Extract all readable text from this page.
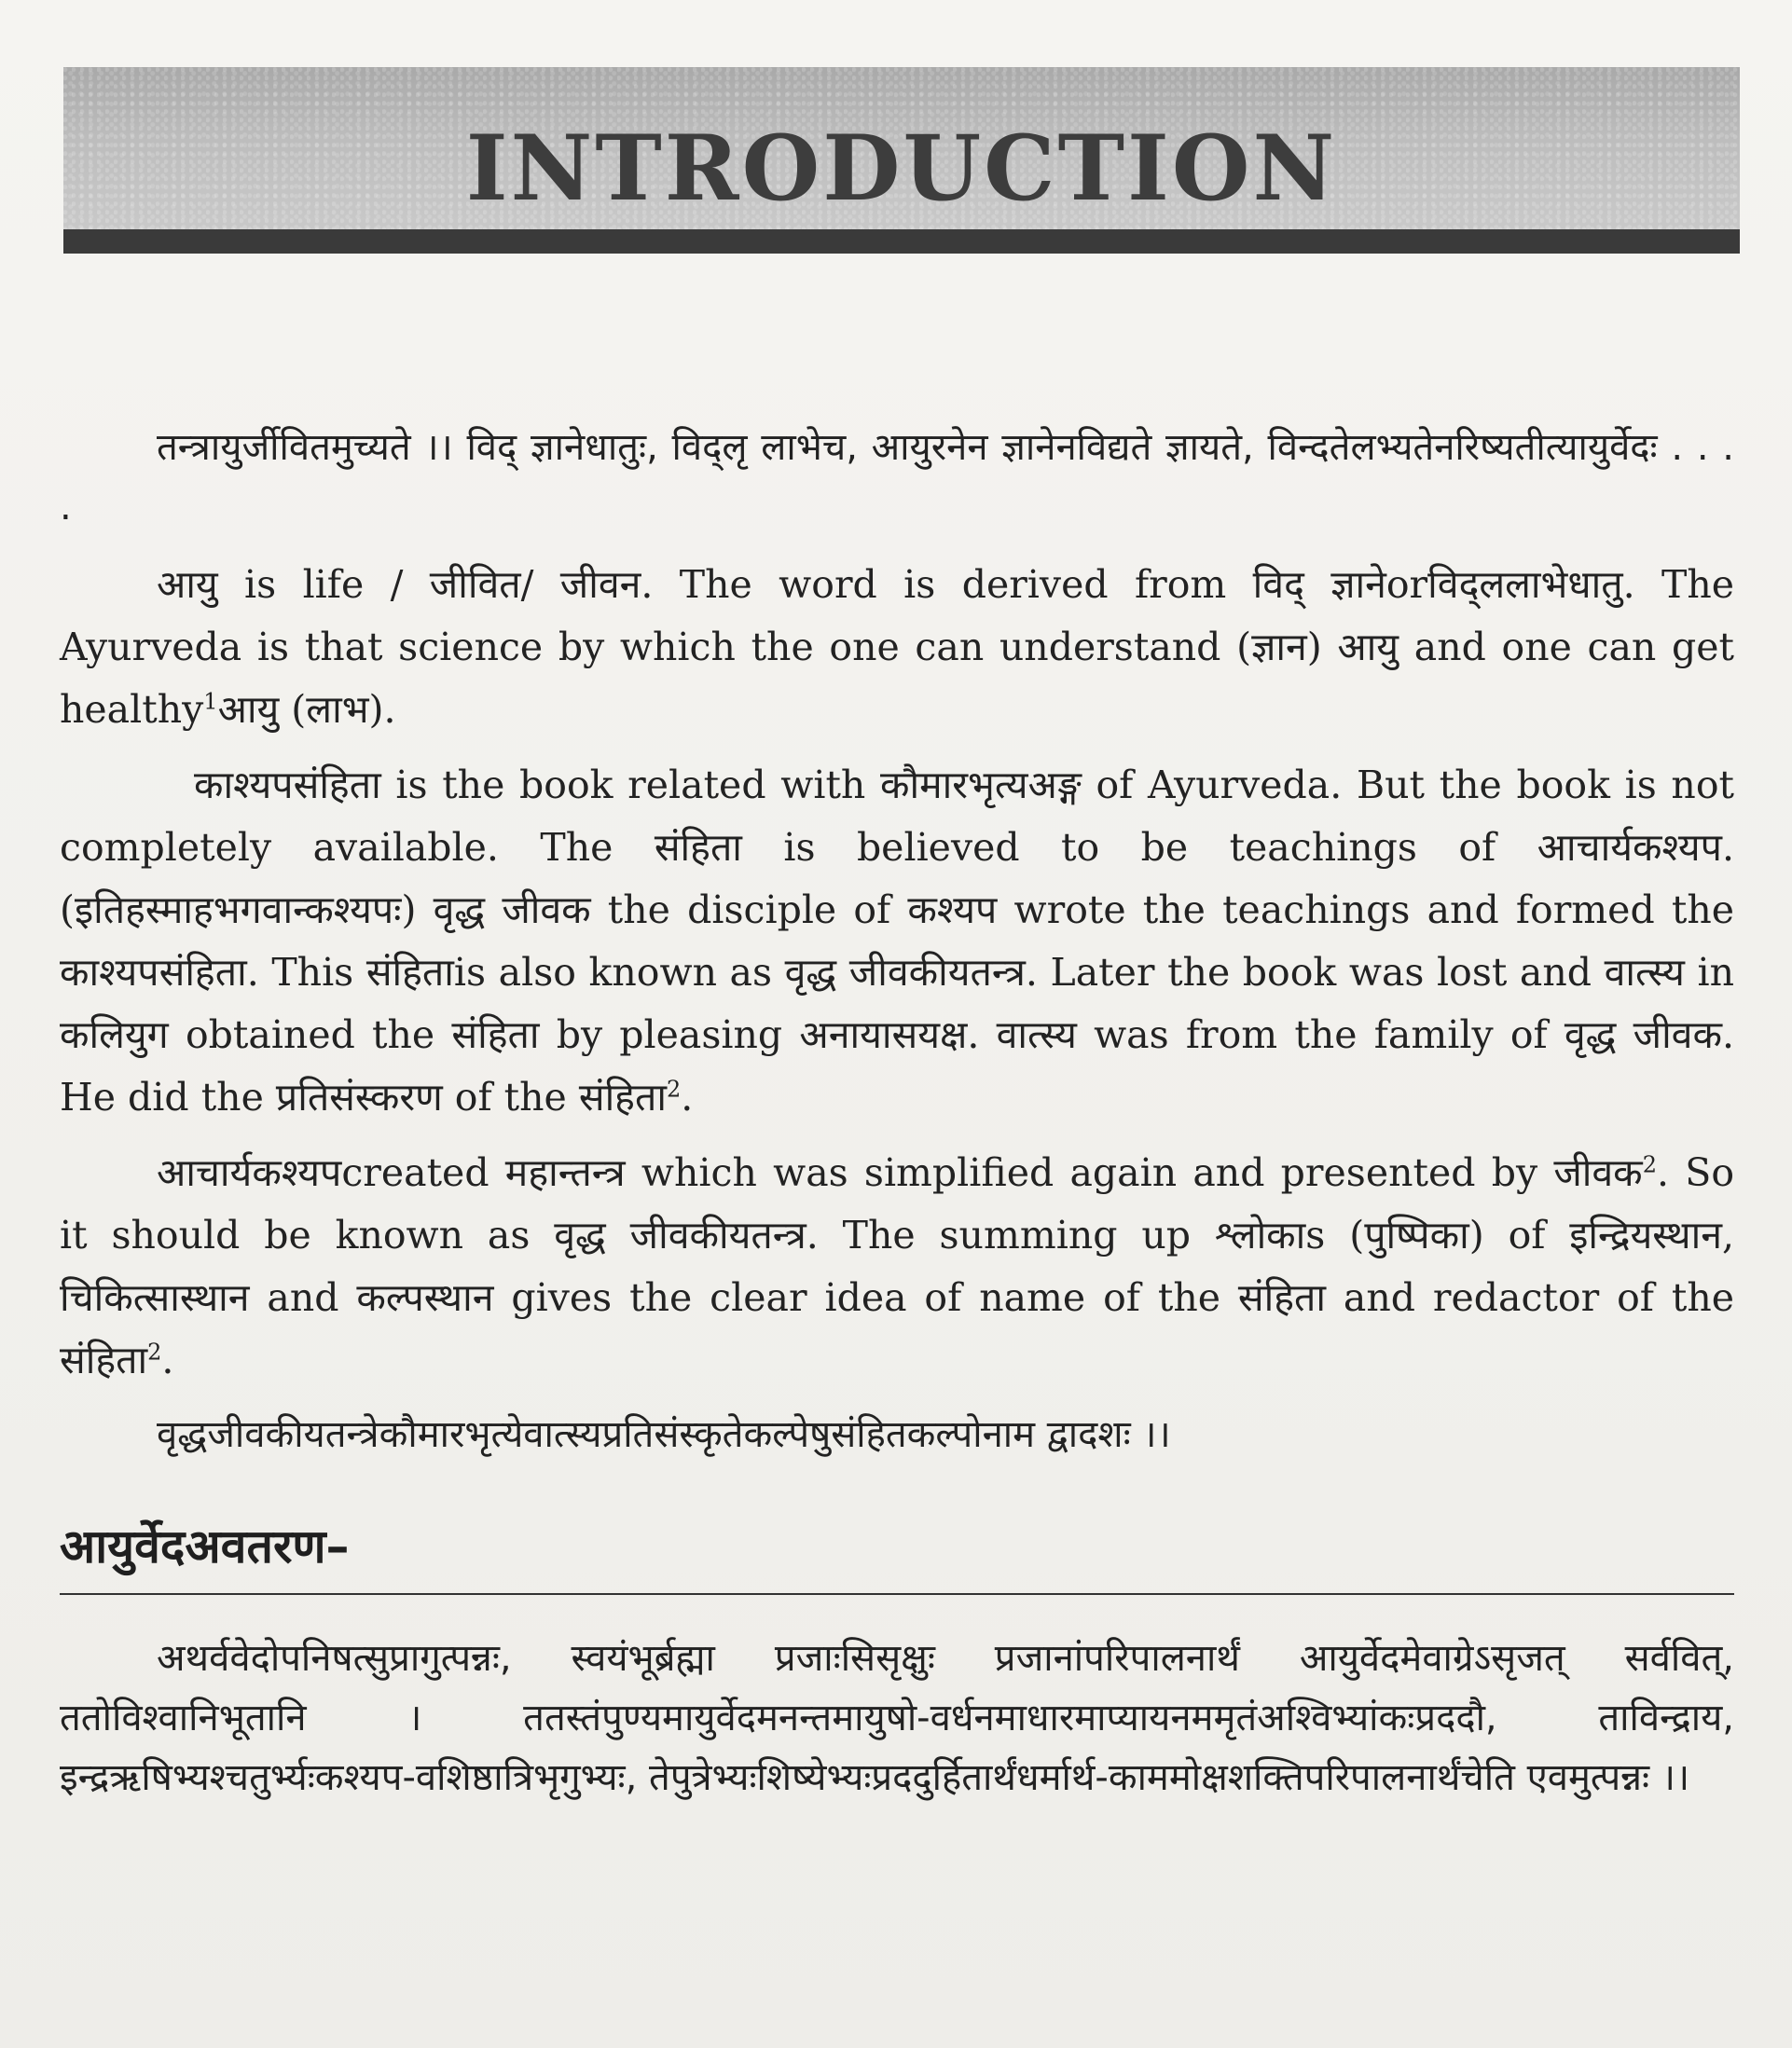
INTRODUCTION

तन्त्रायुर्जीवितमुच्यते ।। विद् ज्ञानेधातुः, विद्लृ लाभेच, आयुरनेन ज्ञानेनविद्यते ज्ञायते, विन्दतेलभ्यतेनरिष्यतीत्यायुर्वेदः . . . .

आयु is life / जीवित/ जीवन. The word is derived from विद् ज्ञानेorविद्ललाभेधातु. The Ayurveda is that science by which the one can understand (ज्ञान) आयु and one can get healthy$^1$आयु (लाभ).

काश्यपसंहिता is the book related with कौमारभृत्यअङ्ग of Ayurveda. But the book is not completely available. The संहिता is believed to be teachings of आचार्यकश्यप. (इतिहस्माहभगवान्कश्यपः) वृद्ध जीवक the disciple of कश्यप wrote the teachings and formed the काश्यपसंहिता. This संहिताis also known as वृद्ध जीवकीयतन्त्र. Later the book was lost and वात्स्य in कलियुग obtained the संहिता by pleasing अनायासयक्ष. वात्स्य was from the family of वृद्ध जीवक. He did the प्रतिसंस्करण of the संहिता$^2$.

आचार्यकश्यपcreated महान्तन्त्र which was simplified again and presented by जीवक$^2$. So it should be known as वृद्ध जीवकीयतन्त्र. The summing up श्लोकाs (पुष्पिका) of इन्द्रियस्थान, चिकित्सास्थान and कल्पस्थान gives the clear idea of name of the संहिता and redactor of the संहिता$^2$.

वृद्धजीवकीयतन्त्रेकौमारभृत्येवात्स्यप्रतिसंस्कृतेकल्पेषुसंहितकल्पोनाम द्वादशः ।।

आयुर्वेदअवतरण–

अथर्ववेदोपनिषत्सुप्रागुत्पन्नः, स्वयंभूर्ब्रह्मा प्रजाःसिसृक्षुः प्रजानांपरिपालनार्थं आयुर्वेदमेवाग्रेऽसृजत् सर्ववित्, ततोविश्वानिभूतानि । ततस्तंपुण्यमायुर्वेदमनन्तमायुषो-वर्धनमाधारमाप्यायनममृतंअश्विभ्यांकःप्रददौ, ताविन्द्राय, इन्द्रऋषिभ्यश्चतुर्भ्यःकश्यप-वशिष्ठात्रिभृगुभ्यः, तेपुत्रेभ्यःशिष्येभ्यःप्रददुर्हितार्थंधर्मार्थ-काममोक्षशक्तिपरिपालनार्थंचेति एवमुत्पन्नः ।।
